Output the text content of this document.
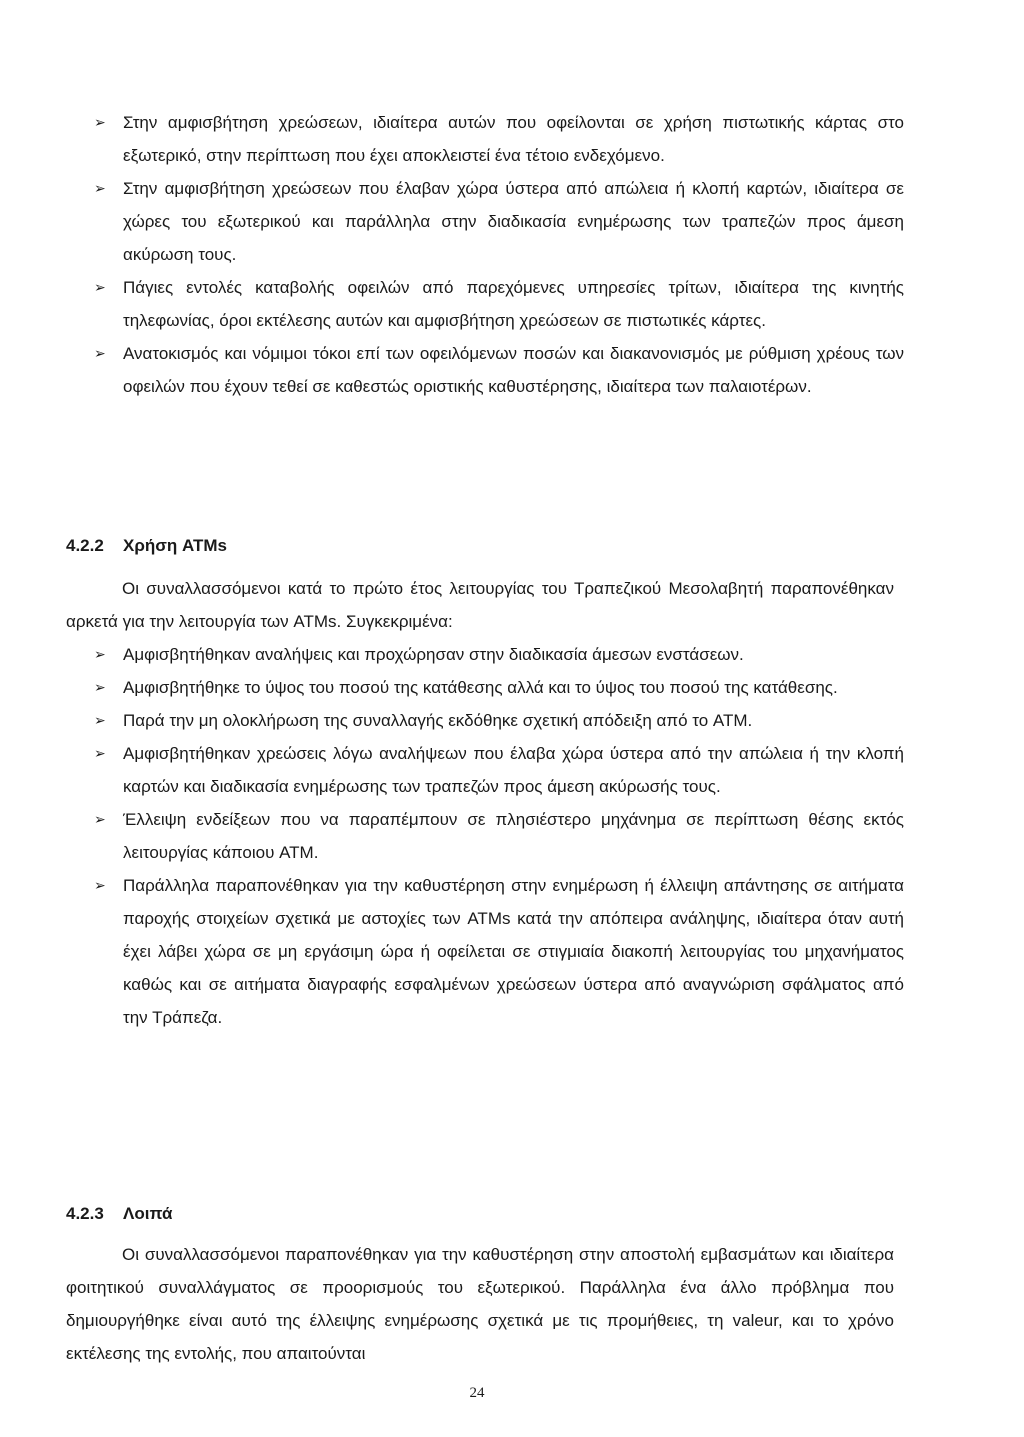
➢ Στην αμφισβήτηση χρεώσεων, ιδιαίτερα αυτών που οφείλονται σε χρήση πιστωτικής κάρτας στο εξωτερικό, στην περίπτωση που έχει αποκλειστεί ένα τέτοιο ενδεχόμενο.

➢ Στην αμφισβήτηση χρεώσεων που έλαβαν χώρα ύστερα από απώλεια ή κλοπή καρτών, ιδιαίτερα σε χώρες του εξωτερικού και παράλληλα στην διαδικασία ενημέρωσης των τραπεζών προς άμεση ακύρωση τους.

➢ Πάγιες εντολές καταβολής οφειλών από παρεχόμενες υπηρεσίες τρίτων, ιδιαίτερα της κινητής τηλεφωνίας, όροι εκτέλεσης αυτών και αμφισβήτηση χρεώσεων σε πιστωτικές κάρτες.

➢ Ανατοκισμός και νόμιμοι τόκοι επί των οφειλόμενων ποσών και διακανονισμός με ρύθμιση χρέους των οφειλών που έχουν τεθεί σε καθεστώς οριστικής καθυστέρησης, ιδιαίτερα των παλαιοτέρων.

4.2.2 Χρήση ATMs

Οι συναλλασσόμενοι κατά το πρώτο έτος λειτουργίας του Τραπεζικού Μεσολαβητή παραπονέθηκαν αρκετά για την λειτουργία των ATMs. Συγκεκριμένα:

➢ Αμφισβητήθηκαν αναλήψεις και προχώρησαν στην διαδικασία άμεσων ενστάσεων.

➢ Αμφισβητήθηκε το ύψος του ποσού της κατάθεσης αλλά και το ύψος του ποσού της κατάθεσης.

➢ Παρά την μη ολοκλήρωση της συναλλαγής εκδόθηκε σχετική απόδειξη από το ATM.

➢ Αμφισβητήθηκαν χρεώσεις λόγω αναλήψεων που έλαβα χώρα ύστερα από την απώλεια ή την κλοπή καρτών και διαδικασία ενημέρωσης των τραπεζών προς άμεση ακύρωσής τους.

➢ Έλλειψη ενδείξεων που να παραπέμπουν σε πλησιέστερο μηχάνημα σε περίπτωση θέσης εκτός λειτουργίας κάποιου ATM.

➢ Παράλληλα παραπονέθηκαν για την καθυστέρηση στην ενημέρωση ή έλλειψη απάντησης σε αιτήματα παροχής στοιχείων σχετικά με αστοχίες των ATMs κατά την απόπειρα ανάληψης, ιδιαίτερα όταν αυτή έχει λάβει χώρα σε μη εργάσιμη ώρα ή οφείλεται σε στιγμιαία διακοπή λειτουργίας του μηχανήματος καθώς και σε αιτήματα διαγραφής εσφαλμένων χρεώσεων ύστερα από αναγνώριση σφάλματος από την Τράπεζα.

4.2.3 Λοιπά

Οι συναλλασσόμενοι παραπονέθηκαν για την καθυστέρηση στην αποστολή εμβασμάτων και ιδιαίτερα φοιτητικού συναλλάγματος σε προορισμούς του εξωτερικού. Παράλληλα ένα άλλο πρόβλημα που δημιουργήθηκε είναι αυτό της έλλειψης ενημέρωσης σχετικά με τις προμήθειες, τη valeur, και το χρόνο εκτέλεσης της εντολής, που απαιτούνται

24
